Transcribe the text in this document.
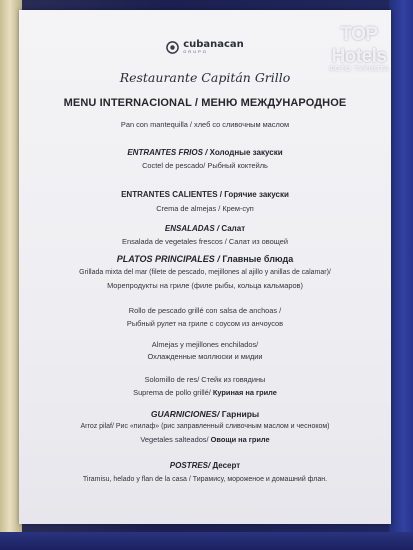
cubanacan
GRUPO
Restaurante Capitán Grillo
MENU INTERNACIONAL / МЕНЮ МЕЖДУНАРОДНОЕ
Pan con mantequilla / хлеб со сливочным маслом
ENTRANTES FRIOS / Холодные закуски
Coctel de pescado/ Рыбный коктейль
ENTRANTES CALIENTES / Горячие закуски
Crema de almejas / Крем-суп
ENSALADAS / Салат
Ensalada de vegetales frescos / Салат из овощей
PLATOS PRINCIPALES / Главные блюда
Grillada mixta del mar (filete de pescado, mejillones al ajillo y anillas de calamar)/
Морепродукты на гриле (филе рыбы, кольца кальмаров)
Rollo de pescado grillé con salsa de anchoas /
Рыбный рулет на гриле с соусом из анчоусов
Almejas y mejillones enchilados/
Охлажденные моллюски и мидии
Solomillo de res/ Стейк из говядины
Suprema de pollo grillé/ Куриная на гриле
GUARNICIONES/ Гарниры
Arroz pilaf/ Рис «пилаф» (рис заправленный сливочным маслом и чесноком)
Vegetales salteados/ Овощи на гриле
POSTRES/ Десерт
Tiramisu, helado y flan de la casa / Тирамису, мороженое и домашний флан.
TOP Hotels
ФОТО ТУРИСТА
